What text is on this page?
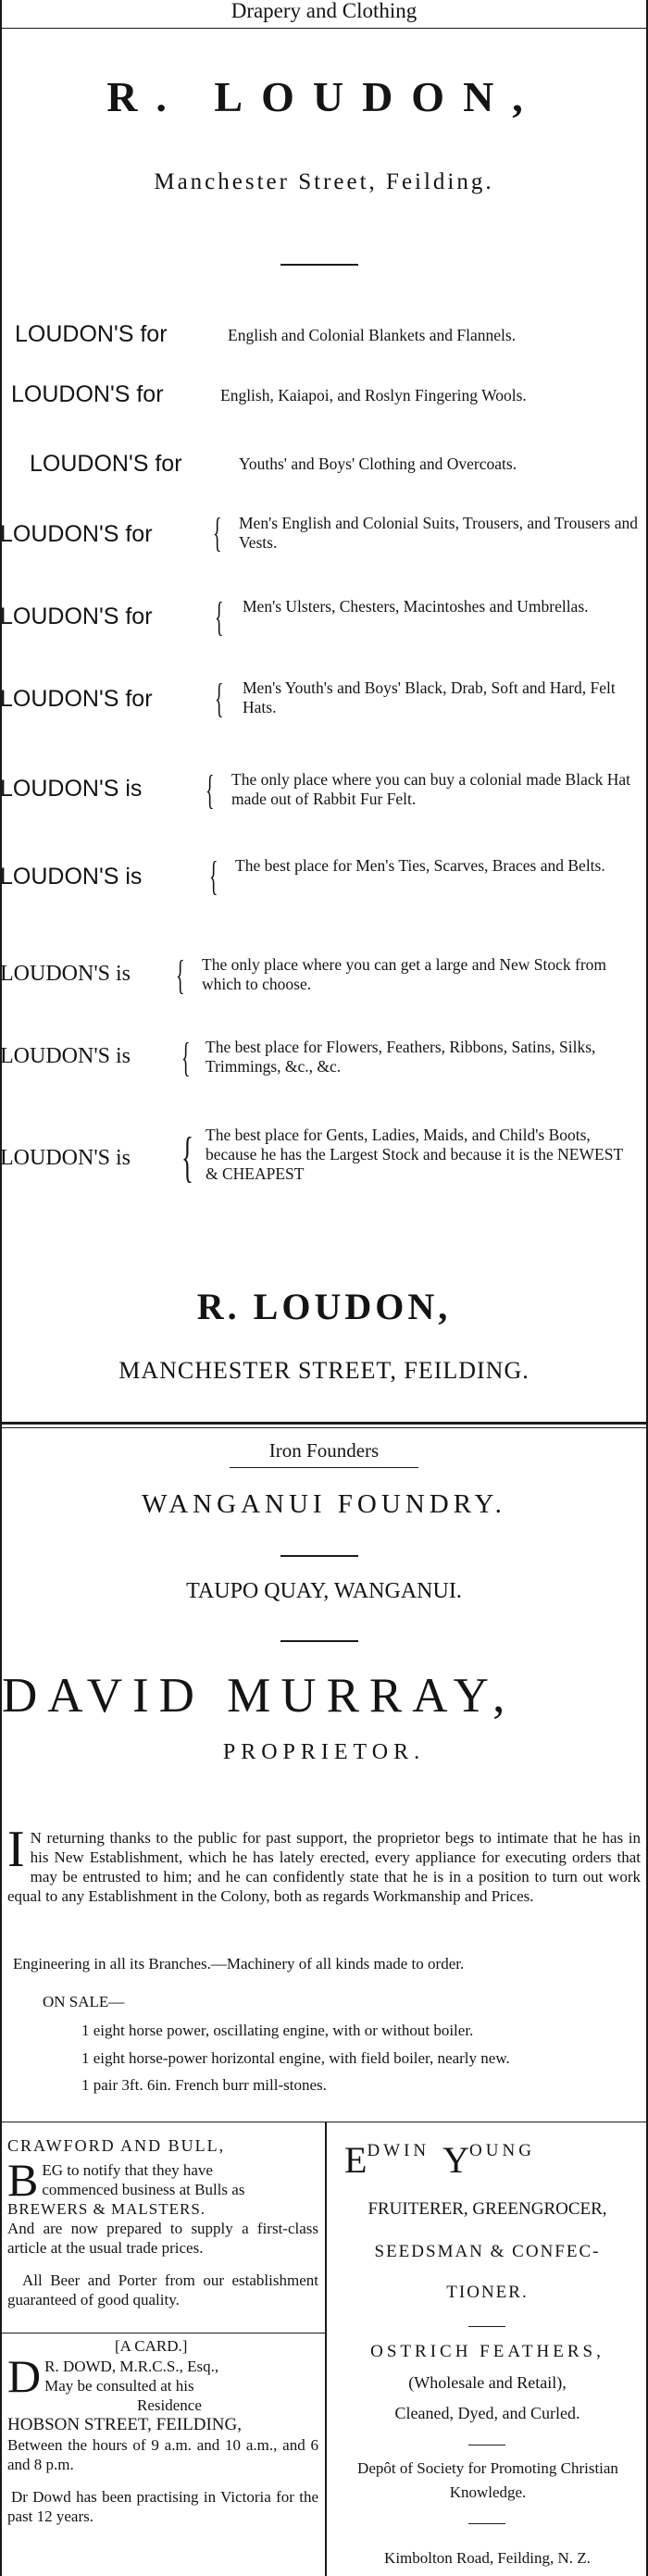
Drapery and Clothing
R. LOUDON,
Manchester Street, Feilding.
LOUDON'S for	English and Colonial Blankets and Flannels.
LOUDON'S for	English, Kaiapoi, and Roslyn Fingering Wools.
LOUDON'S for	Youths' and Boys' Clothing and Overcoats.
LOUDON'S for { Men's English and Colonial Suits, Trousers, and Trousers and Vests.
LOUDON'S for { Men's Ulsters, Chesters, Macintoshes and Umbrellas.
LOUDON'S for { Men's Youth's and Boys' Black, Drab, Soft and Hard, Felt Hats.
LOUDON'S is { The only place where you can buy a colonial made Black Hat made out of Rabbit Fur Felt.
LOUDON'S is { The best place for Men's Ties, Scarves, Braces and Belts.
LOUDON'S is { The only place where you can get a large and New Stock from which to choose.
LOUDON'S is { The best place for Flowers, Feathers, Ribbons, Satins, Silks, Trimmings, &c., &c.
LOUDON'S is { The best place for Gents, Ladies, Maids, and Child's Boots, because he has the Largest Stock and because it is the NEWEST & CHEAPEST
R. LOUDON,
MANCHESTER STREET, FEILDING.
Iron Founders
WANGANUI FOUNDRY.
TAUPO QUAY, WANGANUI.
DAVID MURRAY,
PROPRIETOR.
I N returning thanks to the public for past support, the proprietor begs to intimate that he has in his New Establishment, which he has lately erected, every appliance for executing orders that may be entrusted to him; and he can confidently state that he is in a position to turn out work equal to any Establishment in the Colony, both as regards Workmanship and Prices.
Engineering in all its Branches.—Machinery of all kinds made to order.
ON SALE—
1 eight horse power, oscillating engine, with or without boiler.
1 eight horse-power horizontal engine, with field boiler, nearly new.
1 pair 3ft. 6in. French burr mill-stones.
CRAWFORD AND BULL,
B EG to notify that they have
commenced business at Bulls as
BREWERS & MALSTERS.
And are now prepared to supply a first-class article at the usual trade prices.
All Beer and Porter from our establishment guaranteed of good quality.
[A CARD.]
D R. DOWD, M.R.C.S., Esq.,
May be consulted at his
Residence
HOBSON STREET, FEILDING,
Between the hours of 9 a.m. and 10 a.m., and 6 and 8 p.m.
Dr Dowd has been practising in Victoria for the past 12 years.
EDWIN YOUNG
FRUITERER, GREENGROCER,
SEEDSMAN & CONFEC-
TIONER.
OSTRICH FEATHERS,
(Wholesale and Retail),
Cleaned, Dyed, and Curled.
Depôt of Society for Promoting Christian Knowledge.
Kimbolton Road, Feilding, N. Z.
